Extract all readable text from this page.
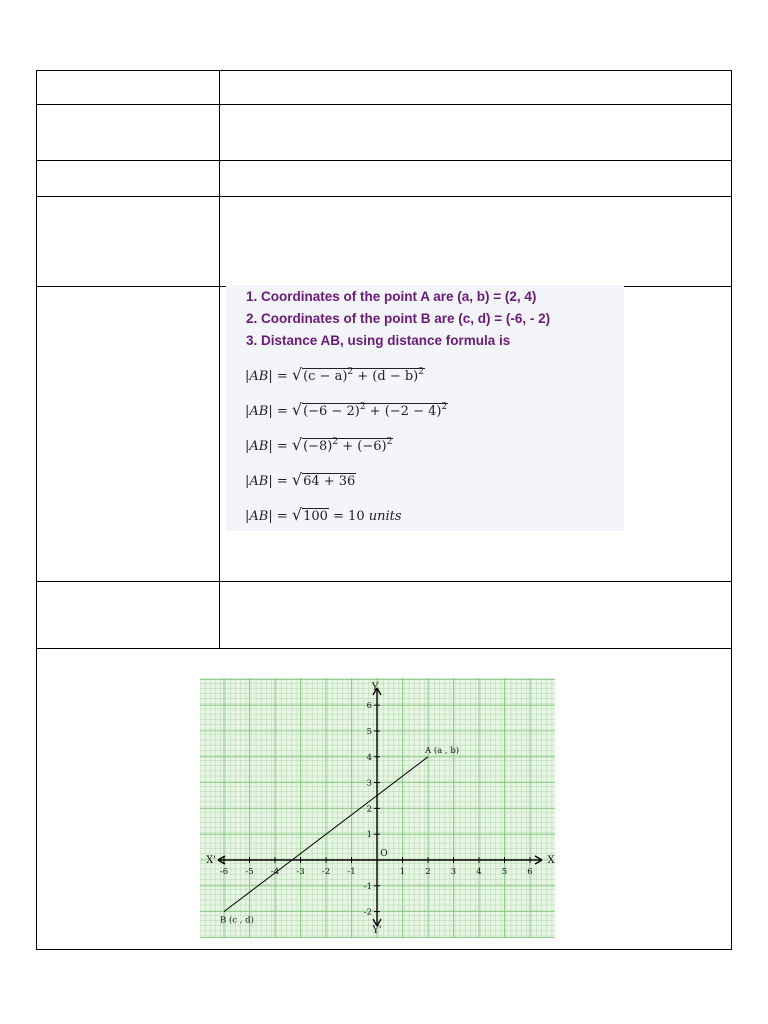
1. Coordinates of the point A are (a, b) = (2, 4)
2. Coordinates of the point B are (c, d) = (-6, - 2)
3. Distance AB, using distance formula is
$|AB| = √(c - a)^2 + (d - b)^2$
$|AB| = √(-6 - 2)^2 + (-2 - 4)^2$
$|AB| = √(-8)^2 + (-6)^2$
|AB| = √64 + 36
|AB| = √100 = 10 units
X
X'
Y
Y'
O
-6 -5 -4 -3 -2 -1	1 2 3 4 5 6
-2
-1
1
2
3
4
5
6
A (a , b)
B (c , d)
